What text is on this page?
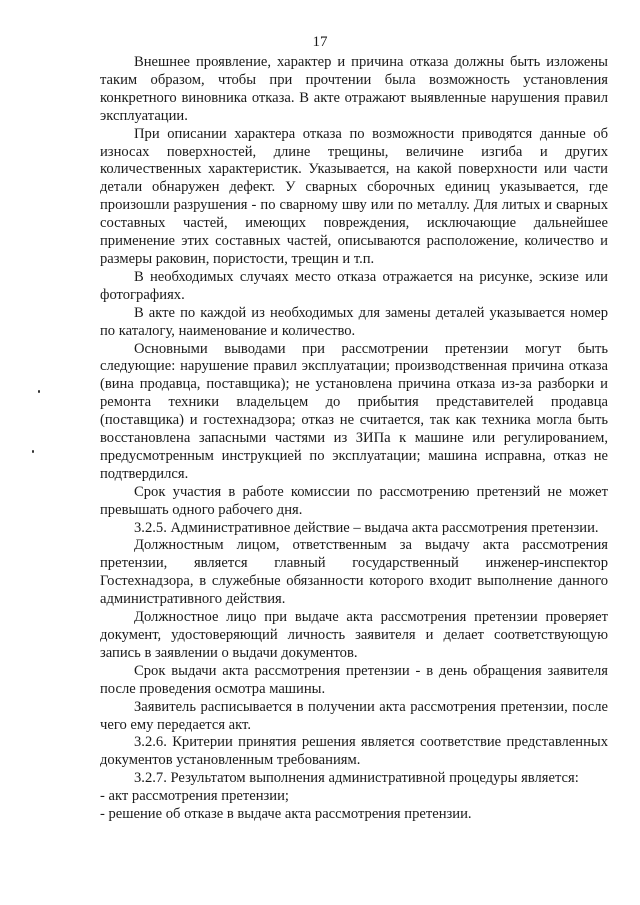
17

Внешнее проявление, характер и причина отказа должны быть изложены таким образом, чтобы при прочтении была возможность установления конкретного виновника отказа. В акте отражают выявленные нарушения правил эксплуатации.

При описании характера отказа по возможности приводятся данные об износах поверхностей, длине трещины, величине изгиба и других количественных характеристик. Указывается, на какой поверхности или части детали обнаружен дефект. У сварных сборочных единиц указывается, где произошли разрушения - по сварному шву или по металлу. Для литых и сварных составных частей, имеющих повреждения, исключающие дальнейшее применение этих составных частей, описываются расположение, количество и размеры раковин, пористости, трещин и т.п.

В необходимых случаях место отказа отражается на рисунке, эскизе или фотографиях.

В акте по каждой из необходимых для замены деталей указывается номер по каталогу, наименование и количество.

Основными выводами при рассмотрении претензии могут быть следующие: нарушение правил эксплуатации; производственная причина отказа (вина продавца, поставщика); не установлена причина отказа из-за разборки и ремонта техники владельцем до прибытия представителей продавца (поставщика) и гостехнадзора; отказ не считается, так как техника могла быть восстановлена запасными частями из ЗИПа к машине или регулированием, предусмотренным инструкцией по эксплуатации; машина исправна, отказ не подтвердился.

Срок участия в работе комиссии по рассмотрению претензий не может превышать одного рабочего дня.

3.2.5. Административное действие – выдача акта рассмотрения претензии.

Должностным лицом, ответственным за выдачу акта рассмотрения претензии, является главный государственный инженер-инспектор Гостехнадзора, в служебные обязанности которого входит выполнение данного административного действия.

Должностное лицо при выдаче акта рассмотрения претензии проверяет документ, удостоверяющий личность заявителя и делает соответствующую запись в заявлении о выдачи документов.

Срок выдачи акта рассмотрения претензии - в день обращения заявителя после проведения осмотра машины.

Заявитель расписывается в получении акта рассмотрения претензии, после чего ему передается акт.

3.2.6. Критерии принятия решения является соответствие представленных документов установленным требованиям.

3.2.7. Результатом выполнения административной процедуры является:

- акт рассмотрения претензии;

- решение об отказе в выдаче акта рассмотрения претензии.
